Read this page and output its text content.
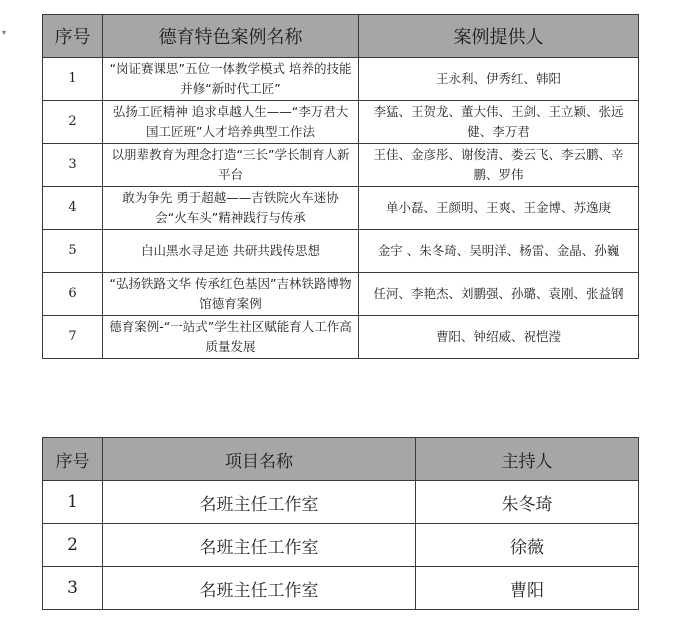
▾	序号	德育特色案例名称	案例提供人
1	“岗证赛课思”五位一体教学模式 培养的技能并修“新时代工匠”	王永利、伊秀红、韩阳
2	弘扬工匠精神 追求卓越人生——“李万君大国工匠班”人才培养典型工作法	李猛、王贺龙、董大伟、王剑、王立颖、张远健、李万君
3	以朋辈教育为理念打造“三长”学长制育人新平台	王佳、金彦彤、谢俊清、娄云飞、李云鹏、辛鹏、罗伟
4	敢为争先 勇于超越——吉铁院火车迷协会“火车头”精神践行与传承	单小磊、王颜明、王爽、王金博、苏逸庚
5	白山黑水寻足迹 共研共践传思想	金宇 、朱冬琦、吴明洋、杨雷、金晶、孙巍
6	“弘扬铁路文华 传承红色基因”吉林铁路博物馆德育案例	任河、李艳杰、刘鹏强、孙璐、袁刚、张益钢
7	德育案例-“一站式”学生社区赋能育人工作高质量发展	曹阳、钟绍威、祝恺滢
序号	项目名称	主持人
1	名班主任工作室	朱冬琦
2	名班主任工作室	徐薇
3	名班主任工作室	曹阳
